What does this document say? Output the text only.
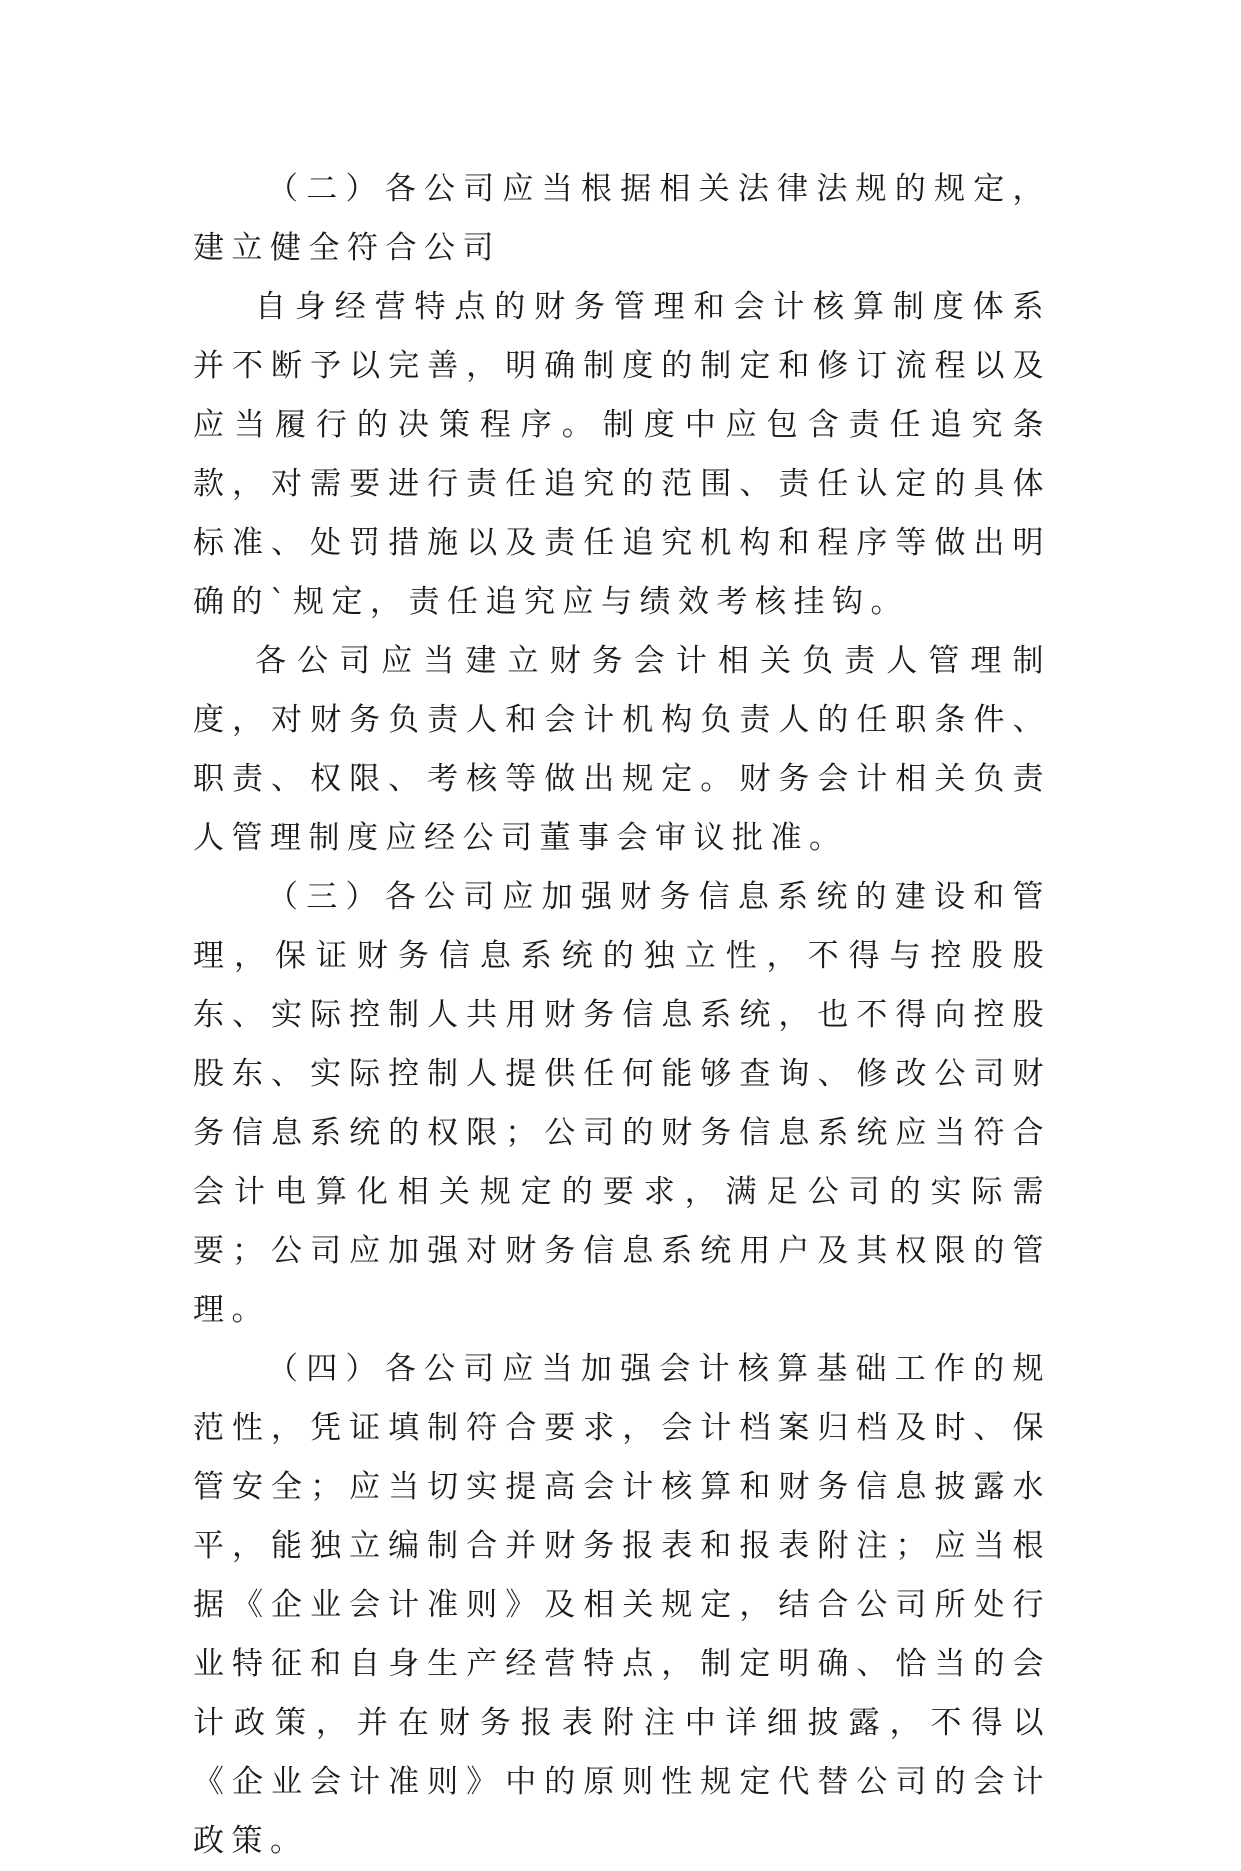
（二）各公司应当根据相关法律法规的规定，建立健全符合公司

自身经营特点的财务管理和会计核算制度体系并不断予以完善，明确制度的制定和修订流程以及应当履行的决策程序。制度中应包含责任追究条款，对需要进行责任追究的范围、责任认定的具体标准、处罚措施以及责任追究机构和程序等做出明确的`规定，责任追究应与绩效考核挂钩。

各公司应当建立财务会计相关负责人管理制度，对财务负责人和会计机构负责人的任职条件、职责、权限、考核等做出规定。财务会计相关负责人管理制度应经公司董事会审议批准。

（三）各公司应加强财务信息系统的建设和管理，保证财务信息系统的独立性，不得与控股股东、实际控制人共用财务信息系统，也不得向控股股东、实际控制人提供任何能够查询、修改公司财务信息系统的权限；公司的财务信息系统应当符合会计电算化相关规定的要求，满足公司的实际需要；公司应加强对财务信息系统用户及其权限的管理。

（四）各公司应当加强会计核算基础工作的规范性，凭证填制符合要求，会计档案归档及时、保管安全；应当切实提高会计核算和财务信息披露水平，能独立编制合并财务报表和报表附注；应当根据《企业会计准则》及相关规定，结合公司所处行业特征和自身生产经营特点，制定明确、恰当的会计政策，并在财务报表附注中详细披露，不得以《企业会计准则》中的原则性规定代替公司的会计政策。
